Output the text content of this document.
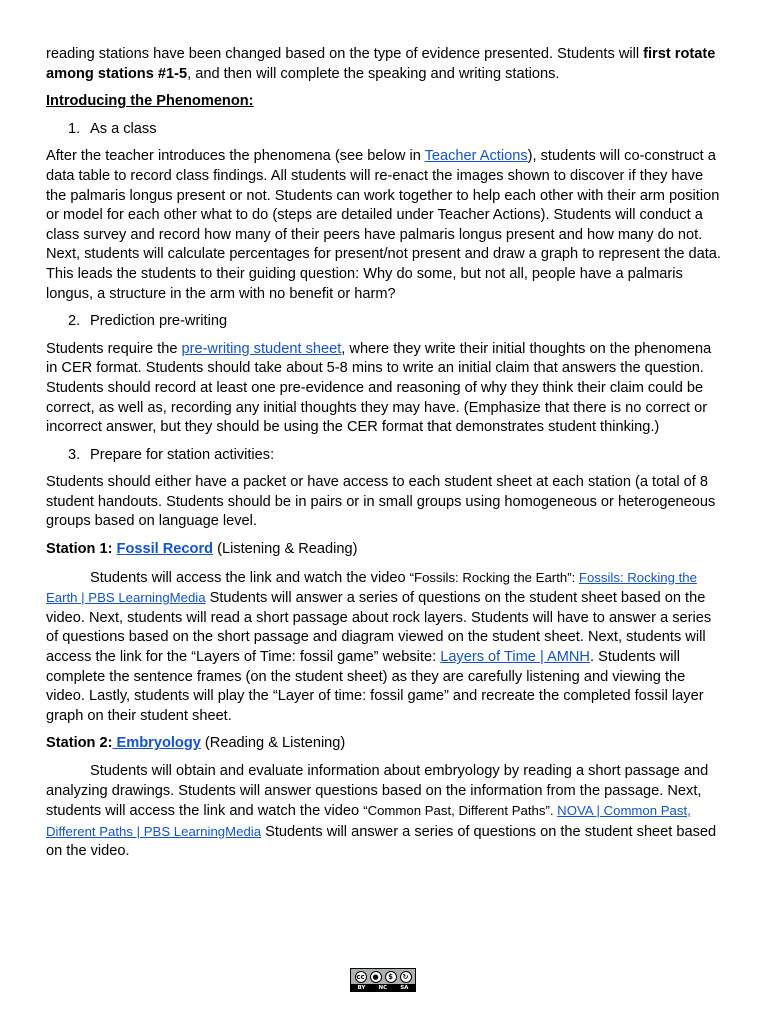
reading stations have been changed based on the type of evidence presented. Students will first rotate among stations #1-5, and then will complete the speaking and writing stations.

Introducing the Phenomenon:
1. As a class

After the teacher introduces the phenomena (see below in Teacher Actions), students will co-construct a data table to record class findings. All students will re-enact the images shown to discover if they have the palmaris longus present or not. Students can work together to help each other with their arm position or model for each other what to do (steps are detailed under Teacher Actions). Students will conduct a class survey and record how many of their peers have palmaris longus present and how many do not. Next, students will calculate percentages for present/not present and draw a graph to represent the data. This leads the students to their guiding question: Why do some, but not all, people have a palmaris longus, a structure in the arm with no benefit or harm?

2. Prediction pre-writing

Students require the pre-writing student sheet, where they write their initial thoughts on the phenomena in CER format. Students should take about 5-8 mins to write an initial claim that answers the question. Students should record at least one pre-evidence and reasoning of why they think their claim could be correct, as well as, recording any initial thoughts they may have. (Emphasize that there is no correct or incorrect answer, but they should be using the CER format that demonstrates student thinking.)

3. Prepare for station activities:

Students should either have a packet or have access to each student sheet at each station (a total of 8 student handouts. Students should be in pairs or in small groups using homogeneous or heterogeneous groups based on language level.

Station 1: Fossil Record (Listening & Reading)

Students will access the link and watch the video “Fossils: Rocking the Earth”: Fossils: Rocking the Earth | PBS LearningMedia Students will answer a series of questions on the student sheet based on the video. Next, students will read a short passage about rock layers. Students will have to answer a series of questions based on the short passage and diagram viewed on the student sheet. Next, students will access the link for the “Layers of Time: fossil game” website: Layers of Time | AMNH. Students will complete the sentence frames (on the student sheet) as they are carefully listening and viewing the video. Lastly, students will play the “Layer of time: fossil game” and recreate the completed fossil layer graph on their student sheet.

Station 2: Embryology (Reading & Listening)

Students will obtain and evaluate information about embryology by reading a short passage and analyzing drawings. Students will answer questions based on the information from the passage. Next, students will access the link and watch the video “Common Past, Different Paths”. NOVA | Common Past, Different Paths | PBS LearningMedia Students will answer a series of questions on the student sheet based on the video.

cc	●	$	↻
BY NC SA
